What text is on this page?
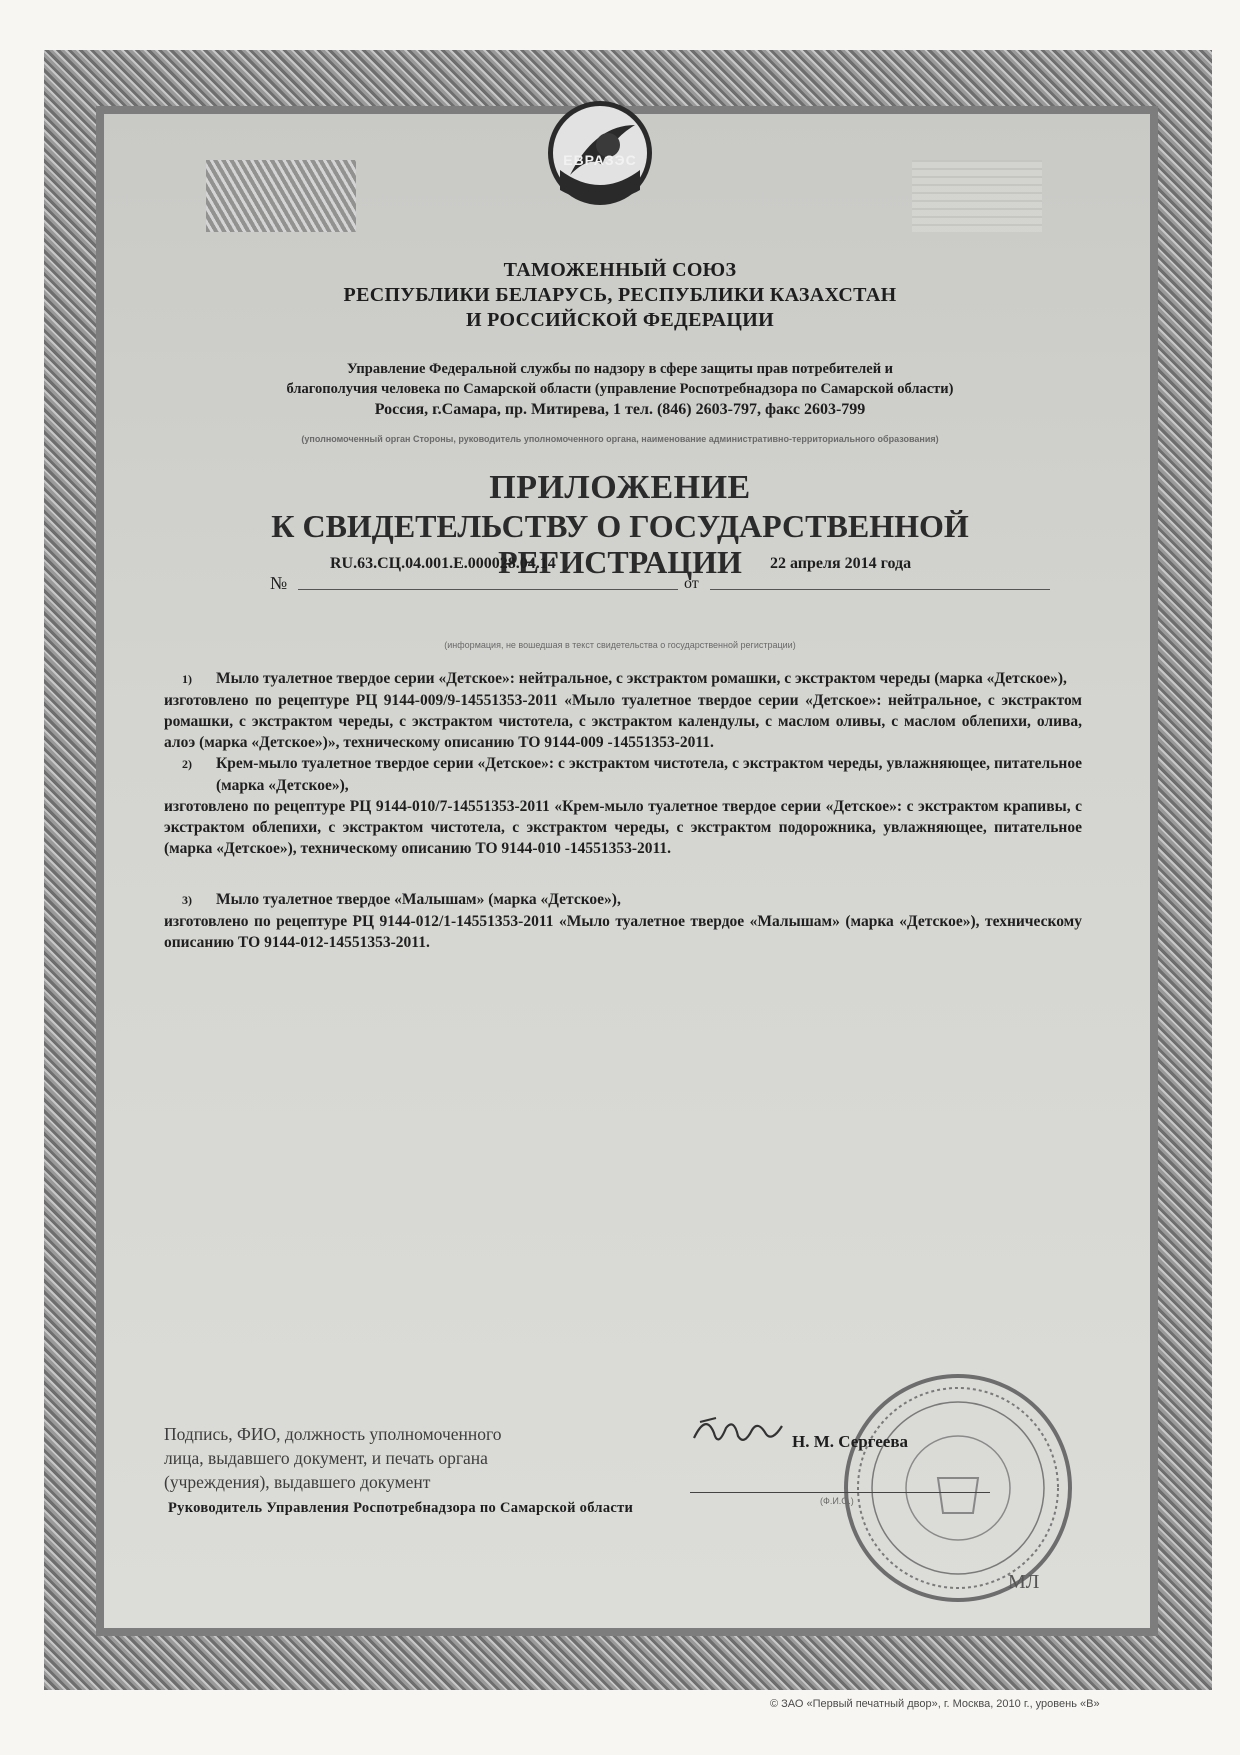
ЕВРАЗЭС
ТАМОЖЕННЫЙ СОЮЗ
РЕСПУБЛИКИ БЕЛАРУСЬ, РЕСПУБЛИКИ КАЗАХСТАН
И РОССИЙСКОЙ ФЕДЕРАЦИИ
Управление Федеральной службы по надзору в сфере защиты прав потребителей и
благополучия человека по Самарской области (управление Роспотребнадзора по Самарской области)
Россия, г.Самара, пр. Митирева, 1 тел. (846) 2603-797, факс 2603-799
(уполномоченный орган Стороны, руководитель уполномоченного органа, наименование административно-территориального образования)
ПРИЛОЖЕНИЕ
К СВИДЕТЕЛЬСТВУ О ГОСУДАРСТВЕННОЙ РЕГИСТРАЦИИ
№
RU.63.СЦ.04.001.Е.000028.04.14
от
22 апреля 2014 года
(информация, не вошедшая в текст свидетельства о государственной регистрации)

1) Мыло туалетное твердое серии «Детское»: нейтральное, с экстрактом ромашки, с экстрактом череды (марка «Детское»),

изготовлено по рецептуре РЦ 9144-009/9-14551353-2011 «Мыло туалетное твердое серии «Детское»: нейтральное, с экстрактом ромашки, с экстрактом череды, с экстрактом чистотела, с экстрактом календулы, с маслом оливы, с маслом облепихи, олива, алоэ (марка «Детское»)», техническому описанию ТО 9144-009 -14551353-2011.

2) Крем-мыло туалетное твердое серии «Детское»: с экстрактом чистотела, с экстрактом череды, увлажняющее, питательное (марка «Детское»),

изготовлено по рецептуре РЦ 9144-010/7-14551353-2011 «Крем-мыло туалетное твердое серии «Детское»: с экстрактом крапивы, с экстрактом облепихи, с экстрактом чистотела, с экстрактом череды, с экстрактом подорожника, увлажняющее, питательное (марка «Детское»), техническому описанию ТО 9144-010 -14551353-2011.

3) Мыло туалетное твердое «Малышам» (марка «Детское»),

изготовлено по рецептуре РЦ 9144-012/1-14551353-2011 «Мыло туалетное твердое «Малышам» (марка «Детское»), техническому описанию ТО 9144-012-14551353-2011.

МЛ
Подпись, ФИО, должность уполномоченного
лица, выдавшего документ, и печать органа
(учреждения), выдавшего документ
Н. М. Сергеева
(Ф.И.О.)
Руководитель Управления Роспотребнадзора по Самарской области
© ЗАО «Первый печатный двор», г. Москва, 2010 г., уровень «В»
